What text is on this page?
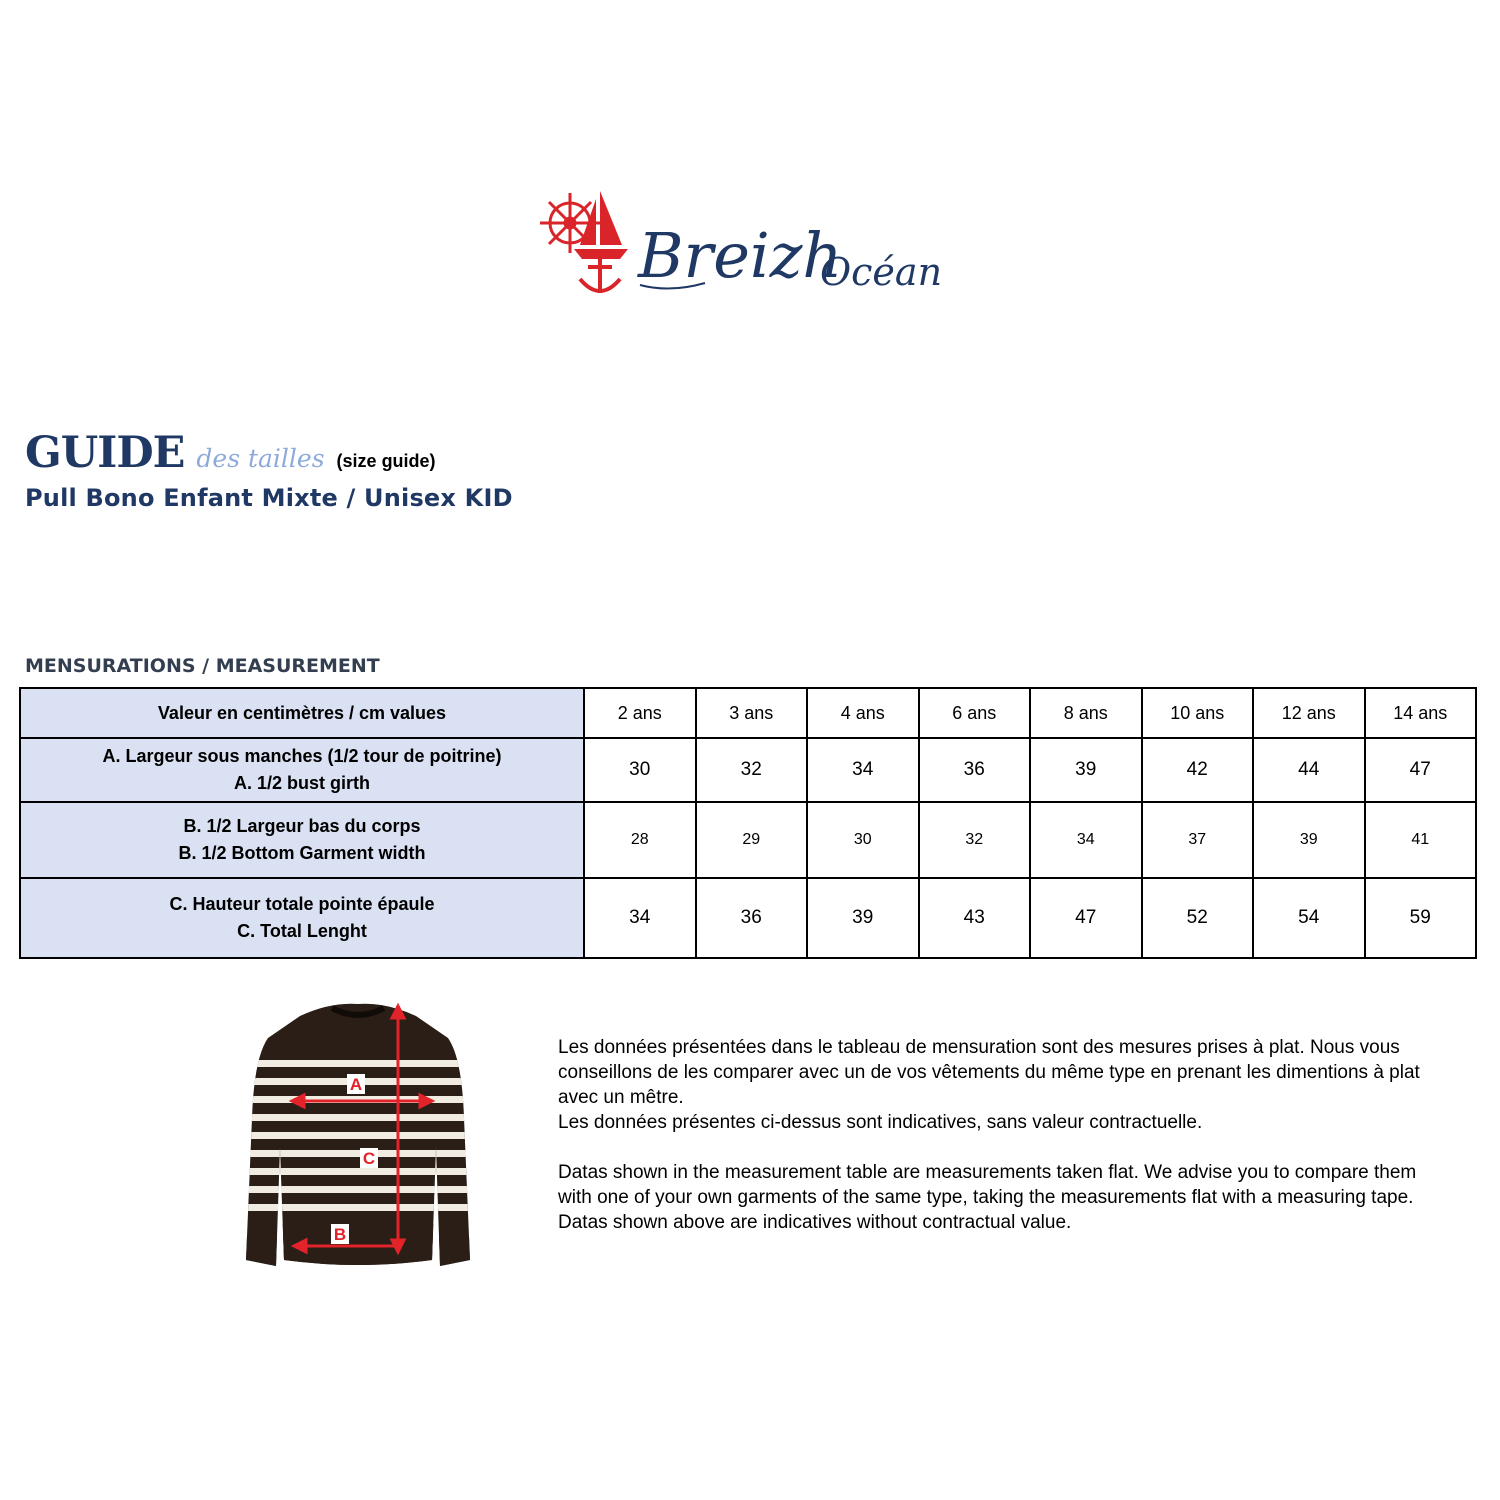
Breizh
Océan
GUIDE des tailles (size guide)
Pull Bono Enfant Mixte / Unisex KID
MENSURATIONS / MEASUREMENT
Valeur en centimètres / cm values	2 ans	3 ans	4 ans	6 ans	8 ans	10 ans	12 ans	14 ans

A. Largeur sous manches (1/2 tour de poitrine)
A. 1/2 bust girth	30	32	34	36	39	42	44	47

B. 1/2 Largeur bas du corps
B. 1/2 Bottom Garment width	28	29	30	32	34	37	39	41

C. Hauteur totale pointe épaule
C. Total Lenght	34	36	39	43	47	52	54	59
A
C
B

Les données présentées dans le tableau de mensuration sont des mesures prises à plat. Nous vous conseillons de les comparer avec un de vos vêtements du même type en prenant les dimentions à plat avec un mêtre.

Les données présentes ci-dessus sont indicatives, sans valeur contractuelle.

Datas shown in the measurement table are measurements taken flat. We advise you to compare them with one of your own garments of the same type, taking the measurements flat with a measuring tape.

Datas shown above are indicatives without contractual value.
